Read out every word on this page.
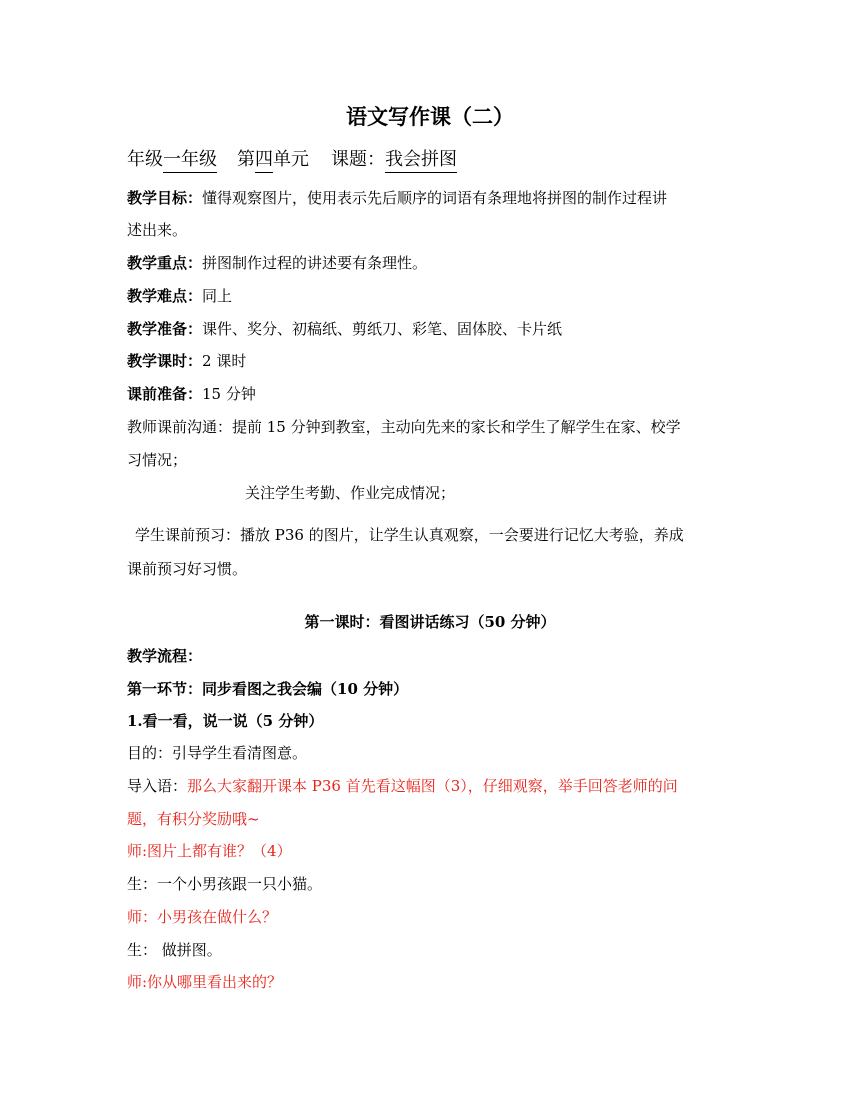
语文写作课（二）
年级一年级第四单元 课题：我会拼图
教学目标：懂得观察图片，使用表示先后顺序的词语有条理地将拼图的制作过程讲
述出来。
教学重点：拼图制作过程的讲述要有条理性。
教学难点：同上
教学准备：课件、奖分、初稿纸、剪纸刀、彩笔、固体胶、卡片纸
教学课时：2 课时
课前准备：15 分钟
教师课前沟通：提前 15 分钟到教室，主动向先来的家长和学生了解学生在家、校学
习情况；
关注学生考勤、作业完成情况；
学生课前预习：播放 P36 的图片，让学生认真观察，一会要进行记忆大考验，养成
课前预习好习惯。
第一课时：看图讲话练习（50 分钟）
教学流程：
第一环节：同步看图之我会编（10 分钟）
1.看一看，说一说（5 分钟）
目的：引导学生看清图意。
导入语：那么大家翻开课本 P36 首先看这幅图（3），仔细观察，举手回答老师的问
题，有积分奖励哦~
师:图片上都有谁？（4）
生：一个小男孩跟一只小猫。
师：小男孩在做什么？
生： 做拼图。
师:你从哪里看出来的？
